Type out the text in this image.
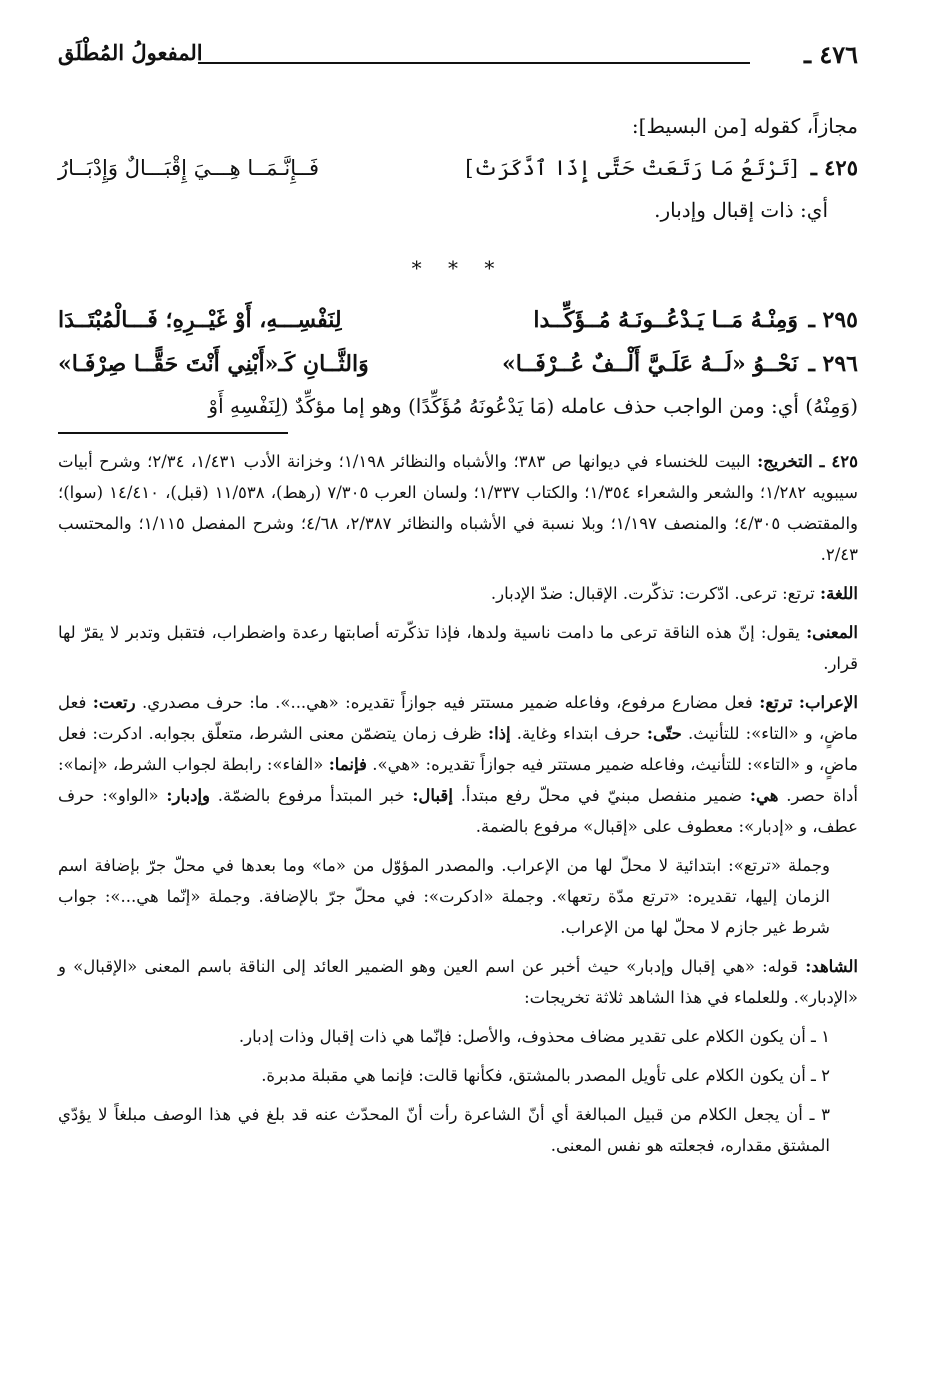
٤٧٦ ـ
المفعولُ المُطْلَق
مجازاً، كقوله [من البسيط]:
٤٢٥ ـ
[تَرْتَعُ مَا رَتَعَتْ حَتَّى إِذَا ٱدَّكَرَتْ]
فَــإِنَّـمَــا هِـــيَ إِقْبَـــالٌ وَإِدْبَــارُ
أي: ذات إقبال وإدبار.
* * *
٢٩٥ ـ
وَمِنْـهُ مَــا يَـدْعُــونَـهُ مُــؤَكِّــدا
لِنَفْسِـــهِ، أَوْ غَيْــرِهِ؛ فَـــالْمُبْتَــدَا
٢٩٦ ـ
نَحْــوُ «لَــهُ عَلَـيَّ أَلْــفٌ عُــرْفَــا»
وَالثَّــانِ كَـ«أَبْنِي أَنْتَ حَقًّــا صِرْفَـا»
(وَمِنْهُ) أي: ومن الواجب حذف عامله (مَا يَدْعُونَهُ مُؤَكِّدًا) وهو إما مؤكِّدٌ (لِنَفْسِهِ أَوْ

٤٢٥ ـ التخريج: البيت للخنساء في ديوانها ص ٣٨٣؛ والأشباه والنظائر ١/١٩٨؛ وخزانة الأدب ١/٤٣١، ٢/٣٤؛ وشرح أبيات سيبويه ١/٢٨٢؛ والشعر والشعراء ١/٣٥٤؛ والكتاب ١/٣٣٧؛ ولسان العرب ٧/٣٠٥ (رهط)، ١١/٥٣٨ (قبل)، ١٤/٤١٠ (سوا)؛ والمقتضب ٤/٣٠٥؛ والمنصف ١/١٩٧؛ وبلا نسبة في الأشباه والنظائر ٢/٣٨٧، ٤/٦٨؛ وشرح المفصل ١/١١٥؛ والمحتسب ٢/٤٣.

اللغة: ترتع: ترعى. ادّكرت: تذكّرت. الإقبال: ضدّ الإدبار.

المعنى: يقول: إنّ هذه الناقة ترعى ما دامت ناسية ولدها، فإذا تذكّرته أصابتها رعدة واضطراب، فتقبل وتدبر لا يقرّ لها قرار.

الإعراب: ترتع: فعل مضارع مرفوع، وفاعله ضمير مستتر فيه جوازاً تقديره: «هي...». ما: حرف مصدري. رتعت: فعل ماضٍ، و «التاء»: للتأنيث. حتّى: حرف ابتداء وغاية. إذا: ظرف زمان يتضمّن معنى الشرط، متعلّق بجوابه. ادكرت: فعل ماضٍ، و «التاء»: للتأنيث، وفاعله ضمير مستتر فيه جوازاً تقديره: «هي». فإنما: «الفاء»: رابطة لجواب الشرط، «إنما»: أداة حصر. هي: ضمير منفصل مبنيّ في محلّ رفع مبتدأ. إقبال: خبر المبتدأ مرفوع بالضمّة. وإدبار: «الواو»: حرف عطف، و «إدبار»: معطوف على «إقبال» مرفوع بالضمة.

وجملة «ترتع»: ابتدائية لا محلّ لها من الإعراب. والمصدر المؤوّل من «ما» وما بعدها في محلّ جرّ بإضافة اسم الزمان إليها، تقديره: «ترتع مدّة رتعها». وجملة «ادكرت»: في محلّ جرّ بالإضافة. وجملة «إنّما هي...»: جواب شرط غير جازم لا محلّ لها من الإعراب.

الشاهد: قوله: «هي إقبال وإدبار» حيث أخبر عن اسم العين وهو الضمير العائد إلى الناقة باسم المعنى «الإقبال» و «الإدبار». وللعلماء في هذا الشاهد ثلاثة تخريجات:

١ ـ أن يكون الكلام على تقدير مضاف محذوف، والأصل: فإنّما هي ذات إقبال وذات إدبار.

٢ ـ أن يكون الكلام على تأويل المصدر بالمشتق، فكأنها قالت: فإنما هي مقبلة مدبرة.

٣ ـ أن يجعل الكلام من قبيل المبالغة أي أنّ الشاعرة رأت أنّ المحدّث عنه قد بلغ في هذا الوصف مبلغاً لا يؤدّي المشتق مقداره، فجعلته هو نفس المعنى.
